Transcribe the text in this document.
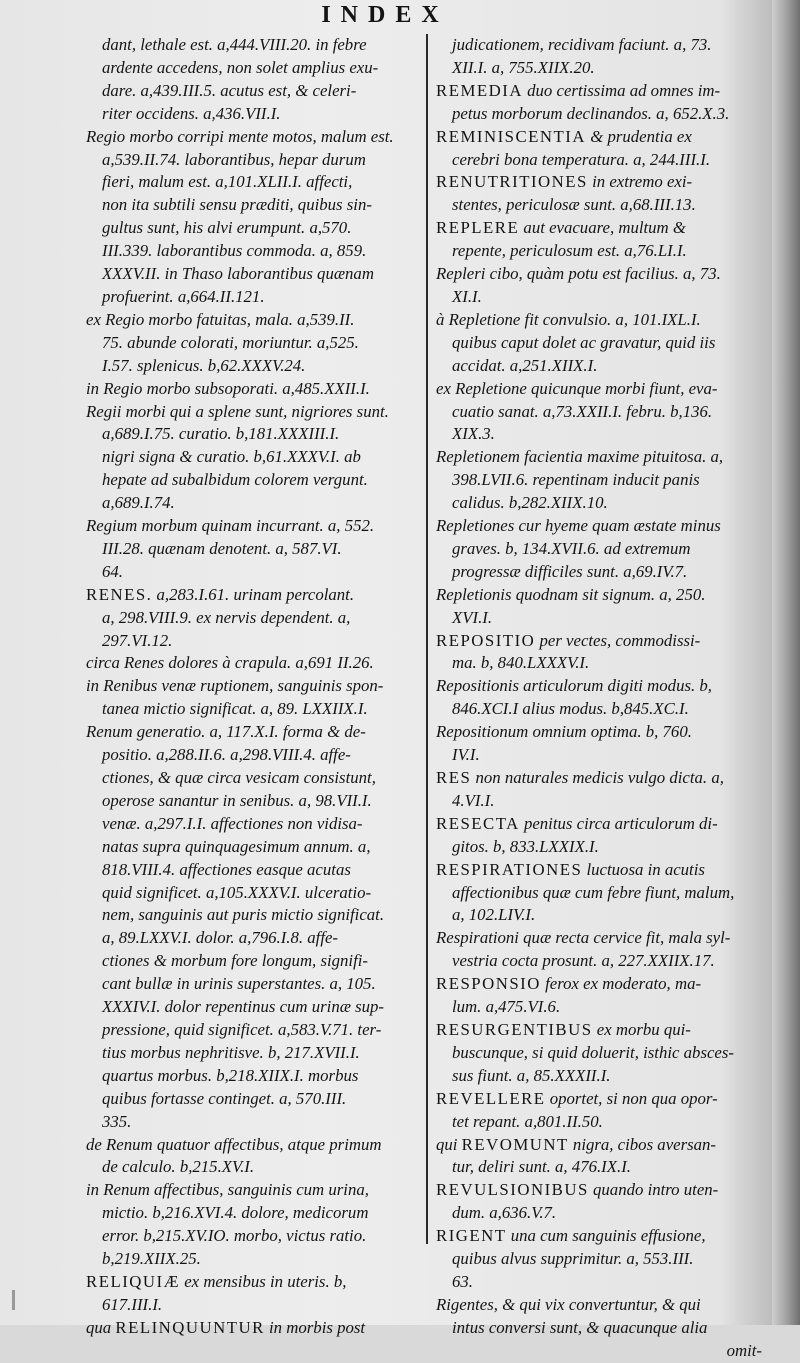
INDEX
dant, lethale est. a,444.VIII.20. in febre
ardente accedens, non solet amplius exu-
dare. a,439.III.5. acutus est, & celeri-
riter occidens. a,436.VII.I.
Regio morbo corripi mente motos, malum est.
a,539.II.74. laborantibus, hepar durum
fieri, malum est. a,101.XLII.I. affecti,
non ita subtili sensu præditi, quibus sin-
gultus sunt, his alvi erumpunt. a,570.
III.339. laborantibus commoda. a, 859.
XXXV.II. in Thaso laborantibus quænam
profuerint. a,664.II.121.
ex Regio morbo fatuitas, mala. a,539.II.
75. abunde colorati, moriuntur. a,525.
I.57. splenicus. b,62.XXXV.24.
in Regio morbo subsoporati. a,485.XXII.I.
Regii morbi qui a splene sunt, nigriores sunt.
a,689.I.75. curatio. b,181.XXXIII.I.
nigri signa & curatio. b,61.XXXV.I. ab
hepate ad subalbidum colorem vergunt.
a,689.I.74.
Regium morbum quinam incurrant. a, 552.
III.28. quænam denotent. a, 587.VI.
64.
RENES. a,283.I.61. urinam percolant.
a, 298.VIII.9. ex nervis dependent. a,
297.VI.12.
circa Renes dolores à crapula. a,691 II.26.
in Renibus venæ ruptionem, sanguinis spon-
tanea mictio significat. a, 89. LXXIIX.I.
Renum generatio. a, 117.X.I. forma & de-
positio. a,288.II.6. a,298.VIII.4. affe-
ctiones, & quæ circa vesicam consistunt,
operose sanantur in senibus. a, 98.VII.I.
venæ. a,297.I.I. affectiones non vidisa-
natas supra quinquagesimum annum. a,
818.VIII.4. affectiones easque acutas
quid significet. a,105.XXXV.I. ulceratio-
nem, sanguinis aut puris mictio significat.
a, 89.LXXV.I. dolor. a,796.I.8. affe-
ctiones & morbum fore longum, signifi-
cant bullæ in urinis superstantes. a, 105.
XXXIV.I. dolor repentinus cum urinæ sup-
pressione, quid significet. a,583.V.71. ter-
tius morbus nephritisve. b, 217.XVII.I.
quartus morbus. b,218.XIIX.I. morbus
quibus fortasse continget. a, 570.III.
335.
de Renum quatuor affectibus, atque primum
de calculo. b,215.XV.I.
in Renum affectibus, sanguinis cum urina,
mictio. b,216.XVI.4. dolore, medicorum
error. b,215.XV.IO. morbo, victus ratio.
b,219.XIIX.25.
RELIQUIÆ ex mensibus in uteris. b,
617.III.I.
qua RELINQUUNTUR in morbis post
judicationem, recidivam faciunt. a, 73.
XII.I. a, 755.XIIX.20.
REMEDIA duo certissima ad omnes im-
petus morborum declinandos. a, 652.X.3.
REMINISCENTIA & prudentia ex
cerebri bona temperatura. a, 244.III.I.
RENUTRITIONES in extremo exi-
stentes, periculosæ sunt. a,68.III.13.
REPLERE aut evacuare, multum &
repente, periculosum est. a,76.LI.I.
Repleri cibo, quàm potu est facilius. a, 73.
XI.I.
à Repletione fit convulsio. a, 101.IXL.I.
quibus caput dolet ac gravatur, quid iis
accidat. a,251.XIIX.I.
ex Repletione quicunque morbi fiunt, eva-
cuatio sanat. a,73.XXII.I. febru. b,136.
XIX.3.
Repletionem facientia maxime pituitosa. a,
398.LVII.6. repentinam inducit panis
calidus. b,282.XIIX.10.
Repletiones cur hyeme quam æstate minus
graves. b, 134.XVII.6. ad extremum
progressæ difficiles sunt. a,69.IV.7.
Repletionis quodnam sit signum. a, 250.
XVI.I.
REPOSITIO per vectes, commodissi-
ma. b, 840.LXXXV.I.
Repositionis articulorum digiti modus. b,
846.XCI.I alius modus. b,845.XC.I.
Repositionum omnium optima. b, 760.
IV.I.
RES non naturales medicis vulgo dicta. a,
4.VI.I.
RESECTA penitus circa articulorum di-
gitos. b, 833.LXXIX.I.
RESPIRATIONES luctuosa in acutis
affectionibus quæ cum febre fiunt, malum,
a, 102.LIV.I.
Respirationi quæ recta cervice fit, mala syl-
vestria cocta prosunt. a, 227.XXIIX.17.
RESPONSIO ferox ex moderato, ma-
lum. a,475.VI.6.
RESURGENTIBUS ex morbu qui-
buscunque, si quid doluerit, isthic absces-
sus fiunt. a, 85.XXXII.I.
REVELLERE oportet, si non qua opor-
tet repant. a,801.II.50.
qui REVOMUNT nigra, cibos aversan-
tur, deliri sunt. a, 476.IX.I.
REVULSIONIBUS quando intro uten-
dum. a,636.V.7.
RIGENT una cum sanguinis effusione,
quibus alvus supprimitur. a, 553.III.
63.
Rigentes, & qui vix convertuntur, & qui
intus conversi sunt, & quacunque alia
omit-
